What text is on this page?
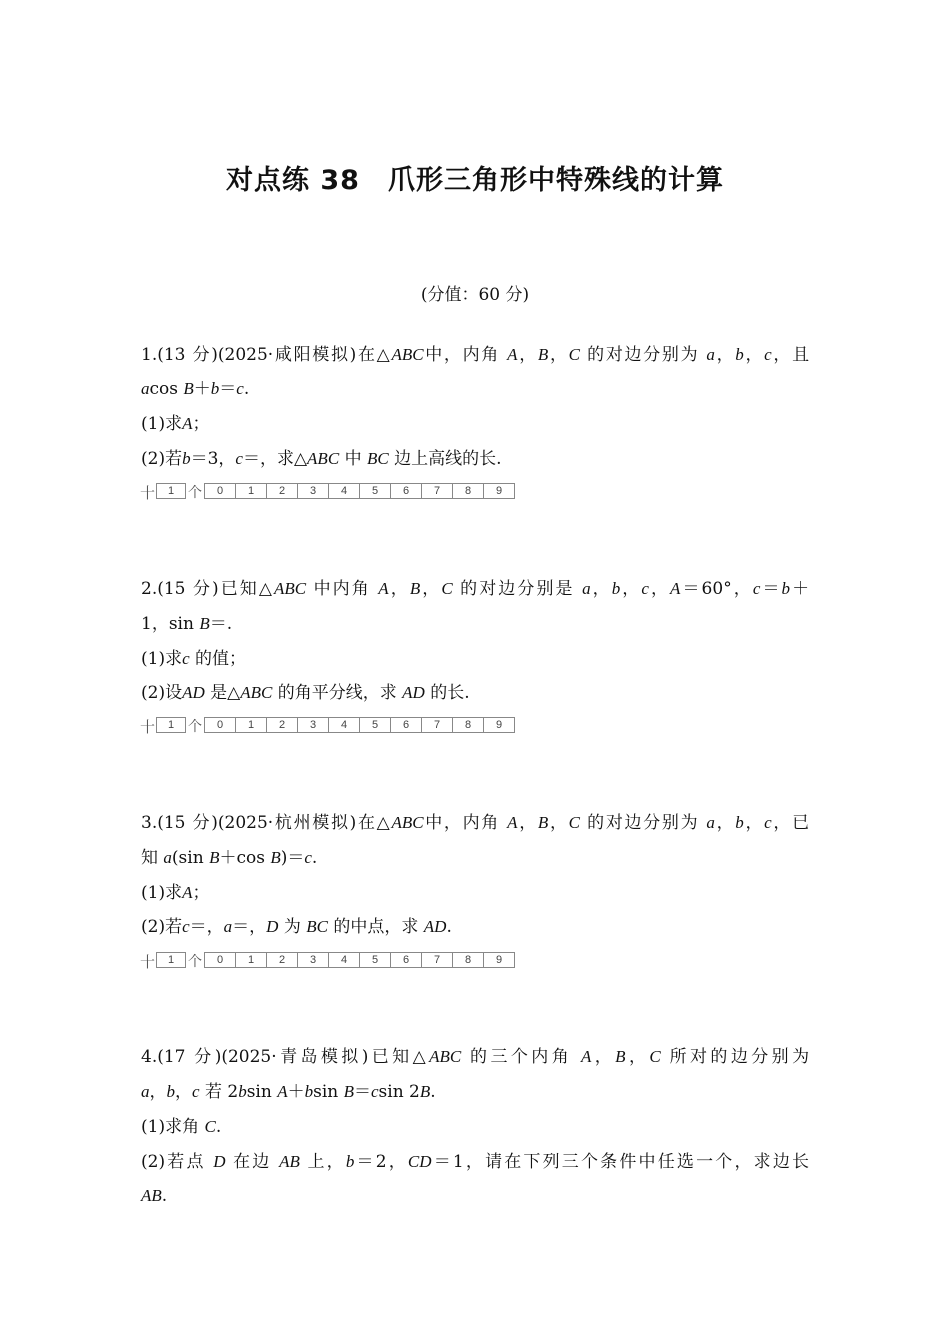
对点练 38　爪形三角形中特殊线的计算
(分值：60 分)
1.(13 分)(2025·咸阳模拟)在△ABC中，内角 A，B，C 的对边分别为 a，b，c，且
acos B＋b＝c.
(1)求A；
(2)若b＝3，c＝，求△ABC 中 BC 边上高线的长.
十	1 个	0	1	2	3	4	5	6	7	8	9
2.(15 分)已知△ABC 中内角 A，B，C 的对边分别是 a，b，c，A＝60°，c＝b＋
1，sin B＝.
(1)求c 的值；
(2)设AD 是△ABC 的角平分线，求 AD 的长.
十	1 个	0	1	2	3	4	5	6	7	8	9
3.(15 分)(2025·杭州模拟)在△ABC中，内角 A，B，C 的对边分别为 a，b，c，已
知 a(sin B＋cos B)＝c.
(1)求A；
(2)若c＝，a＝，D 为 BC 的中点，求 AD.
十	1 个	0	1	2	3	4	5	6	7	8	9
4.(17 分)(2025·青岛模拟)已知△ABC 的三个内角 A，B，C 所对的边分别为
a，b，c 若 2bsin A＋bsin B＝csin 2B.
(1)求角 C.
(2)若点 D 在边 AB 上，b＝2，CD＝1，请在下列三个条件中任选一个，求边长
AB.
